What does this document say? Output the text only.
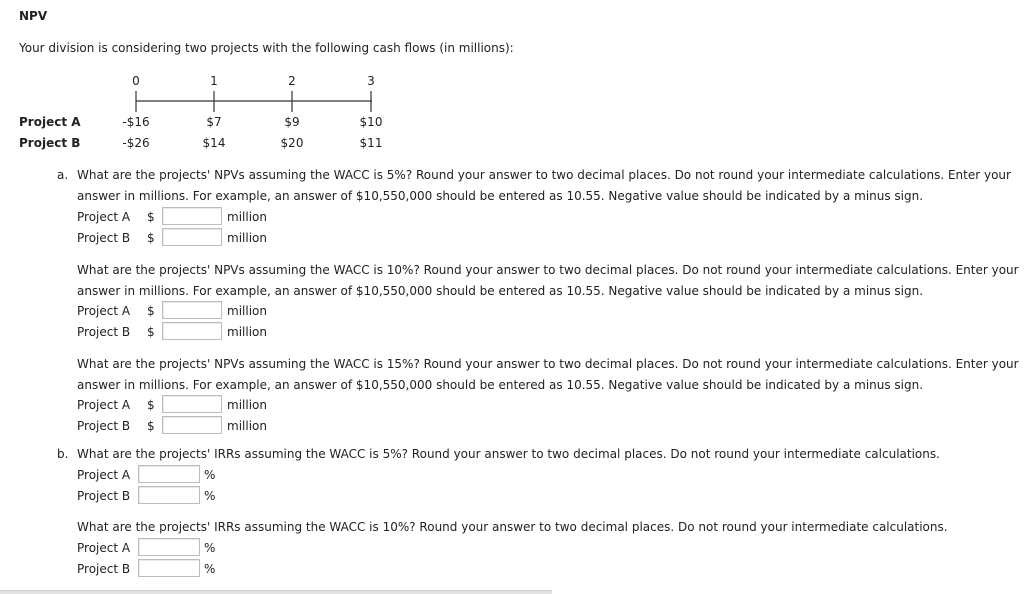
NPV
Your division is considering two projects with the following cash flows (in millions):
0	1	2	3
Project A	-$16	$7	$9	$10
Project B	-$26	$14	$20	$11
a. What are the projects' NPVs assuming the WACC is 5%? Round your answer to two decimal places. Do not round your intermediate calculations. Enter your
answer in millions. For example, an answer of $10,550,000 should be entered as 10.55. Negative value should be indicated by a minus sign.
Project A $	million
Project B $	million
What are the projects' NPVs assuming the WACC is 10%? Round your answer to two decimal places. Do not round your intermediate calculations. Enter your
answer in millions. For example, an answer of $10,550,000 should be entered as 10.55. Negative value should be indicated by a minus sign.
Project A $	million
Project B $	million
What are the projects' NPVs assuming the WACC is 15%? Round your answer to two decimal places. Do not round your intermediate calculations. Enter your
answer in millions. For example, an answer of $10,550,000 should be entered as 10.55. Negative value should be indicated by a minus sign.
Project A $	million
Project B $	million
b. What are the projects' IRRs assuming the WACC is 5%? Round your answer to two decimal places. Do not round your intermediate calculations.
Project A	%
Project B	%
What are the projects' IRRs assuming the WACC is 10%? Round your answer to two decimal places. Do not round your intermediate calculations.
Project A	%
Project B	%
